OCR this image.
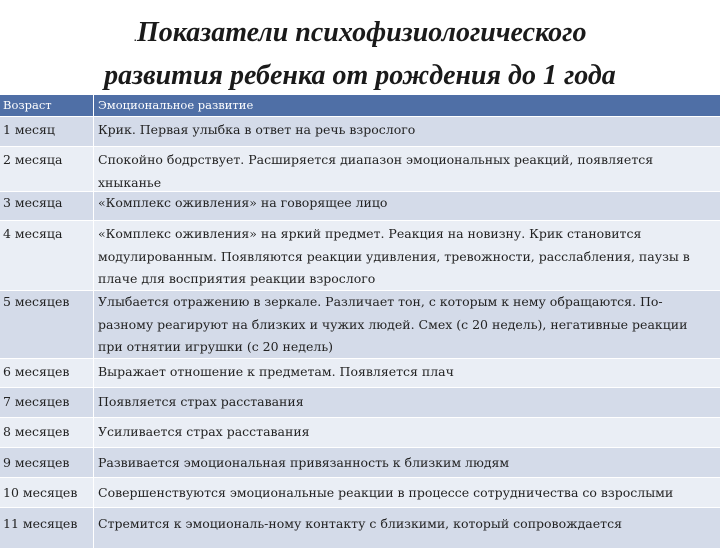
.Показатели психофизиологического
развития ребенка от рождения до 1 года
Возраст	Эмоциональное развитие
1 месяц	Крик. Первая улыбка в ответ на речь взрослого
2 месяца	Спокойно бодрствует. Расширяется диапазон эмоциональных реакций, появляется хныканье
3 месяца	«Комплекс оживления» на говорящее лицо
4 месяца	«Комплекс оживления» на яркий предмет. Реакция на новизну. Крик становится модулированным. Появляются реакции удивления, тревожности, расслабления, паузы в плаче для восприятия реакции взрослого
5 месяцев	Улыбается отражению в зеркале. Различает тон, с которым к нему обращаются. По-разному реагируют на близких и чужих людей. Смех (с 20 недель), негативные реакции при отнятии игрушки (с 20 недель)
6 месяцев	Выражает отношение к предметам. Появляется плач
7 месяцев	Появляется страх расставания
8 месяцев	Усиливается страх расставания
9 месяцев	Развивается эмоциональная привязанность к близким людям
10 месяцев	Совершенствуются эмоциональные реакции в процессе сотрудничества со взрослыми
11 месяцев	Стремится к эмоциональ-ному контакту с близкими, который сопровождается
